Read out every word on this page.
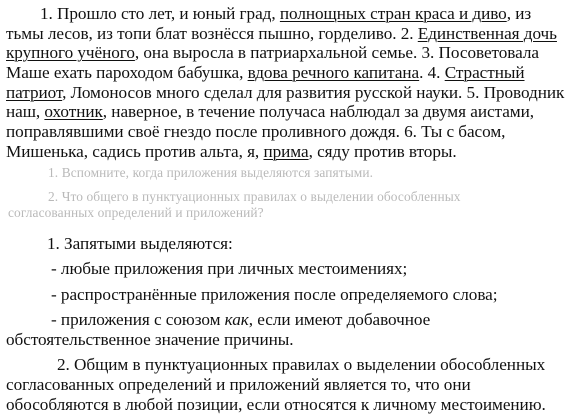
1. Прошло сто лет, и юный град, полнощных стран краса и диво, из
тьмы лесов, из топи блат вознёсся пышно, горделиво. 2. Единственная дочь
крупного учёного, она выросла в патриархальной семье. 3. Посоветовала
Маше ехать пароходом бабушка, вдова речного капитана. 4. Страстный
патриот, Ломоносов много сделал для развития русской науки. 5. Проводник
наш, охотник, наверное, в течение получаса наблюдал за двумя аистами,
поправлявшими своё гнездо после проливного дождя. 6. Ты с басом,
Мишенька, садись против альта, я, прима, сяду против вторы.
1. Вспомните, когда приложения выделяются запятыми.
2. Что общего в пунктуационных правилах о выделении обособленных
согласованных определений и приложений?
1. Запятыми выделяются:
- любые приложения при личных местоимениях;
- распространённые приложения после определяемого слова;
- приложения с союзом как, если имеют добавочное
обстоятельственное значение причины.
2. Общим в пунктуационных правилах о выделении обособленных
согласованных определений и приложений является то, что они
обособляются в любой позиции, если относятся к личному местоимению.
